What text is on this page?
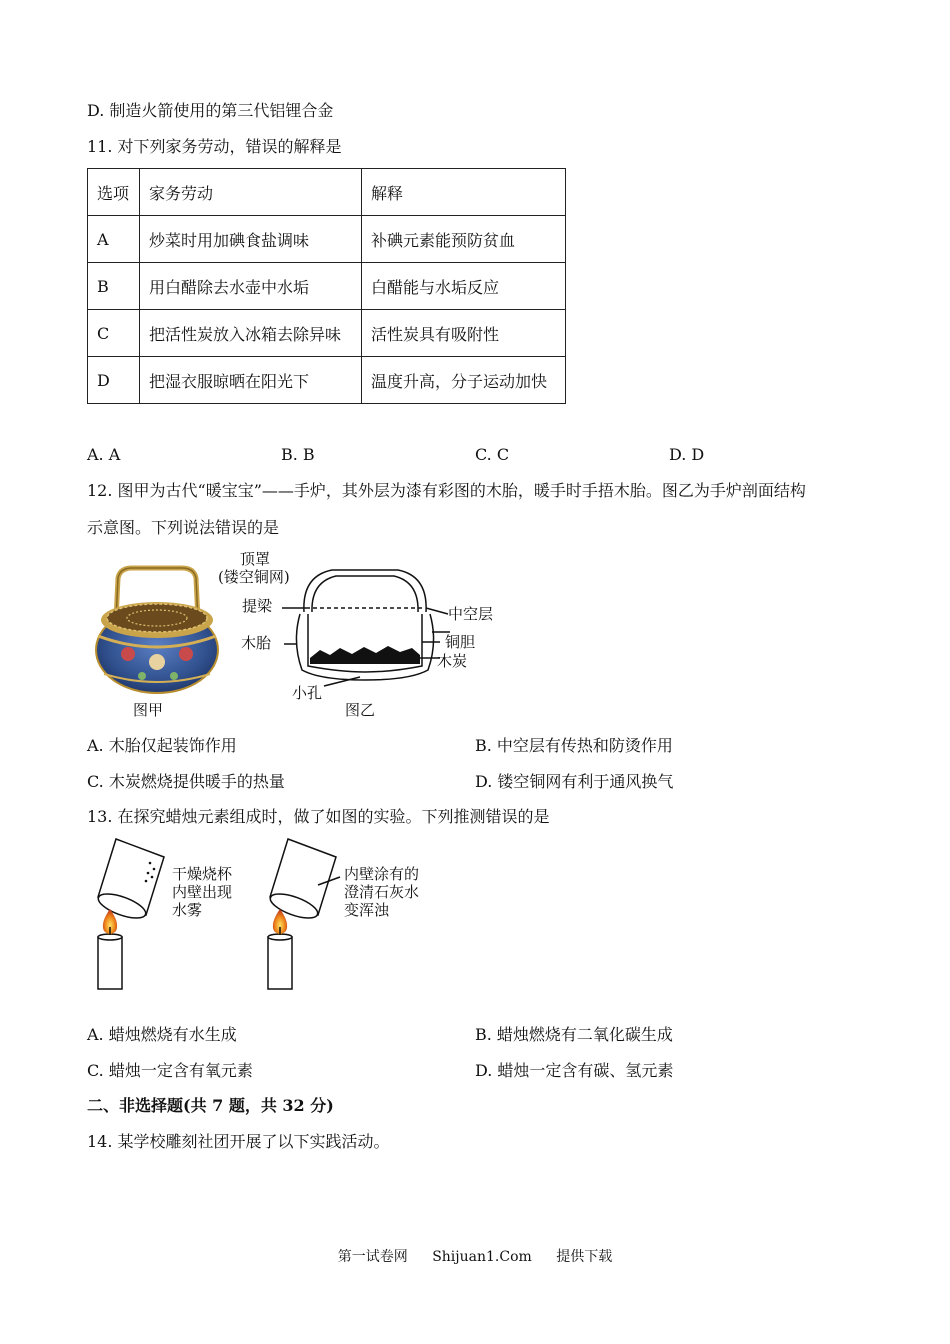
D. 制造火箭使用的第三代铝锂合金
11. 对下列家务劳动，错误的解释是
选项	家务劳动	解释
A	炒菜时用加碘食盐调味	补碘元素能预防贫血
B	用白醋除去水壶中水垢	白醋能与水垢反应
C	把活性炭放入冰箱去除异味	活性炭具有吸附性
D	把湿衣服晾晒在阳光下	温度升高，分子运动加快
A. A	B. B	C. C	D. D
12. 图甲为古代“暖宝宝”——手炉，其外层为漆有彩图的木胎，暖手时手捂木胎。图乙为手炉剖面结构
示意图。下列说法错误的是
图甲
顶罩
(镂空铜网)
提梁
木胎
中空层
铜胆
木炭
小孔
图乙
A. 木胎仅起装饰作用	B. 中空层有传热和防烫作用
C. 木炭燃烧提供暖手的热量	D. 镂空铜网有利于通风换气
13. 在探究蜡烛元素组成时，做了如图的实验。下列推测错误的是
干燥烧杯
内壁出现
水雾
内壁涂有的
澄清石灰水
变浑浊
A. 蜡烛燃烧有水生成	B. 蜡烛燃烧有二氧化碳生成
C. 蜡烛一定含有氧元素	D. 蜡烛一定含有碳、氢元素
二、非选择题(共 7 题，共 32 分)
14. 某学校雕刻社团开展了以下实践活动。
第一试卷网 Shijuan1.Com 提供下载
